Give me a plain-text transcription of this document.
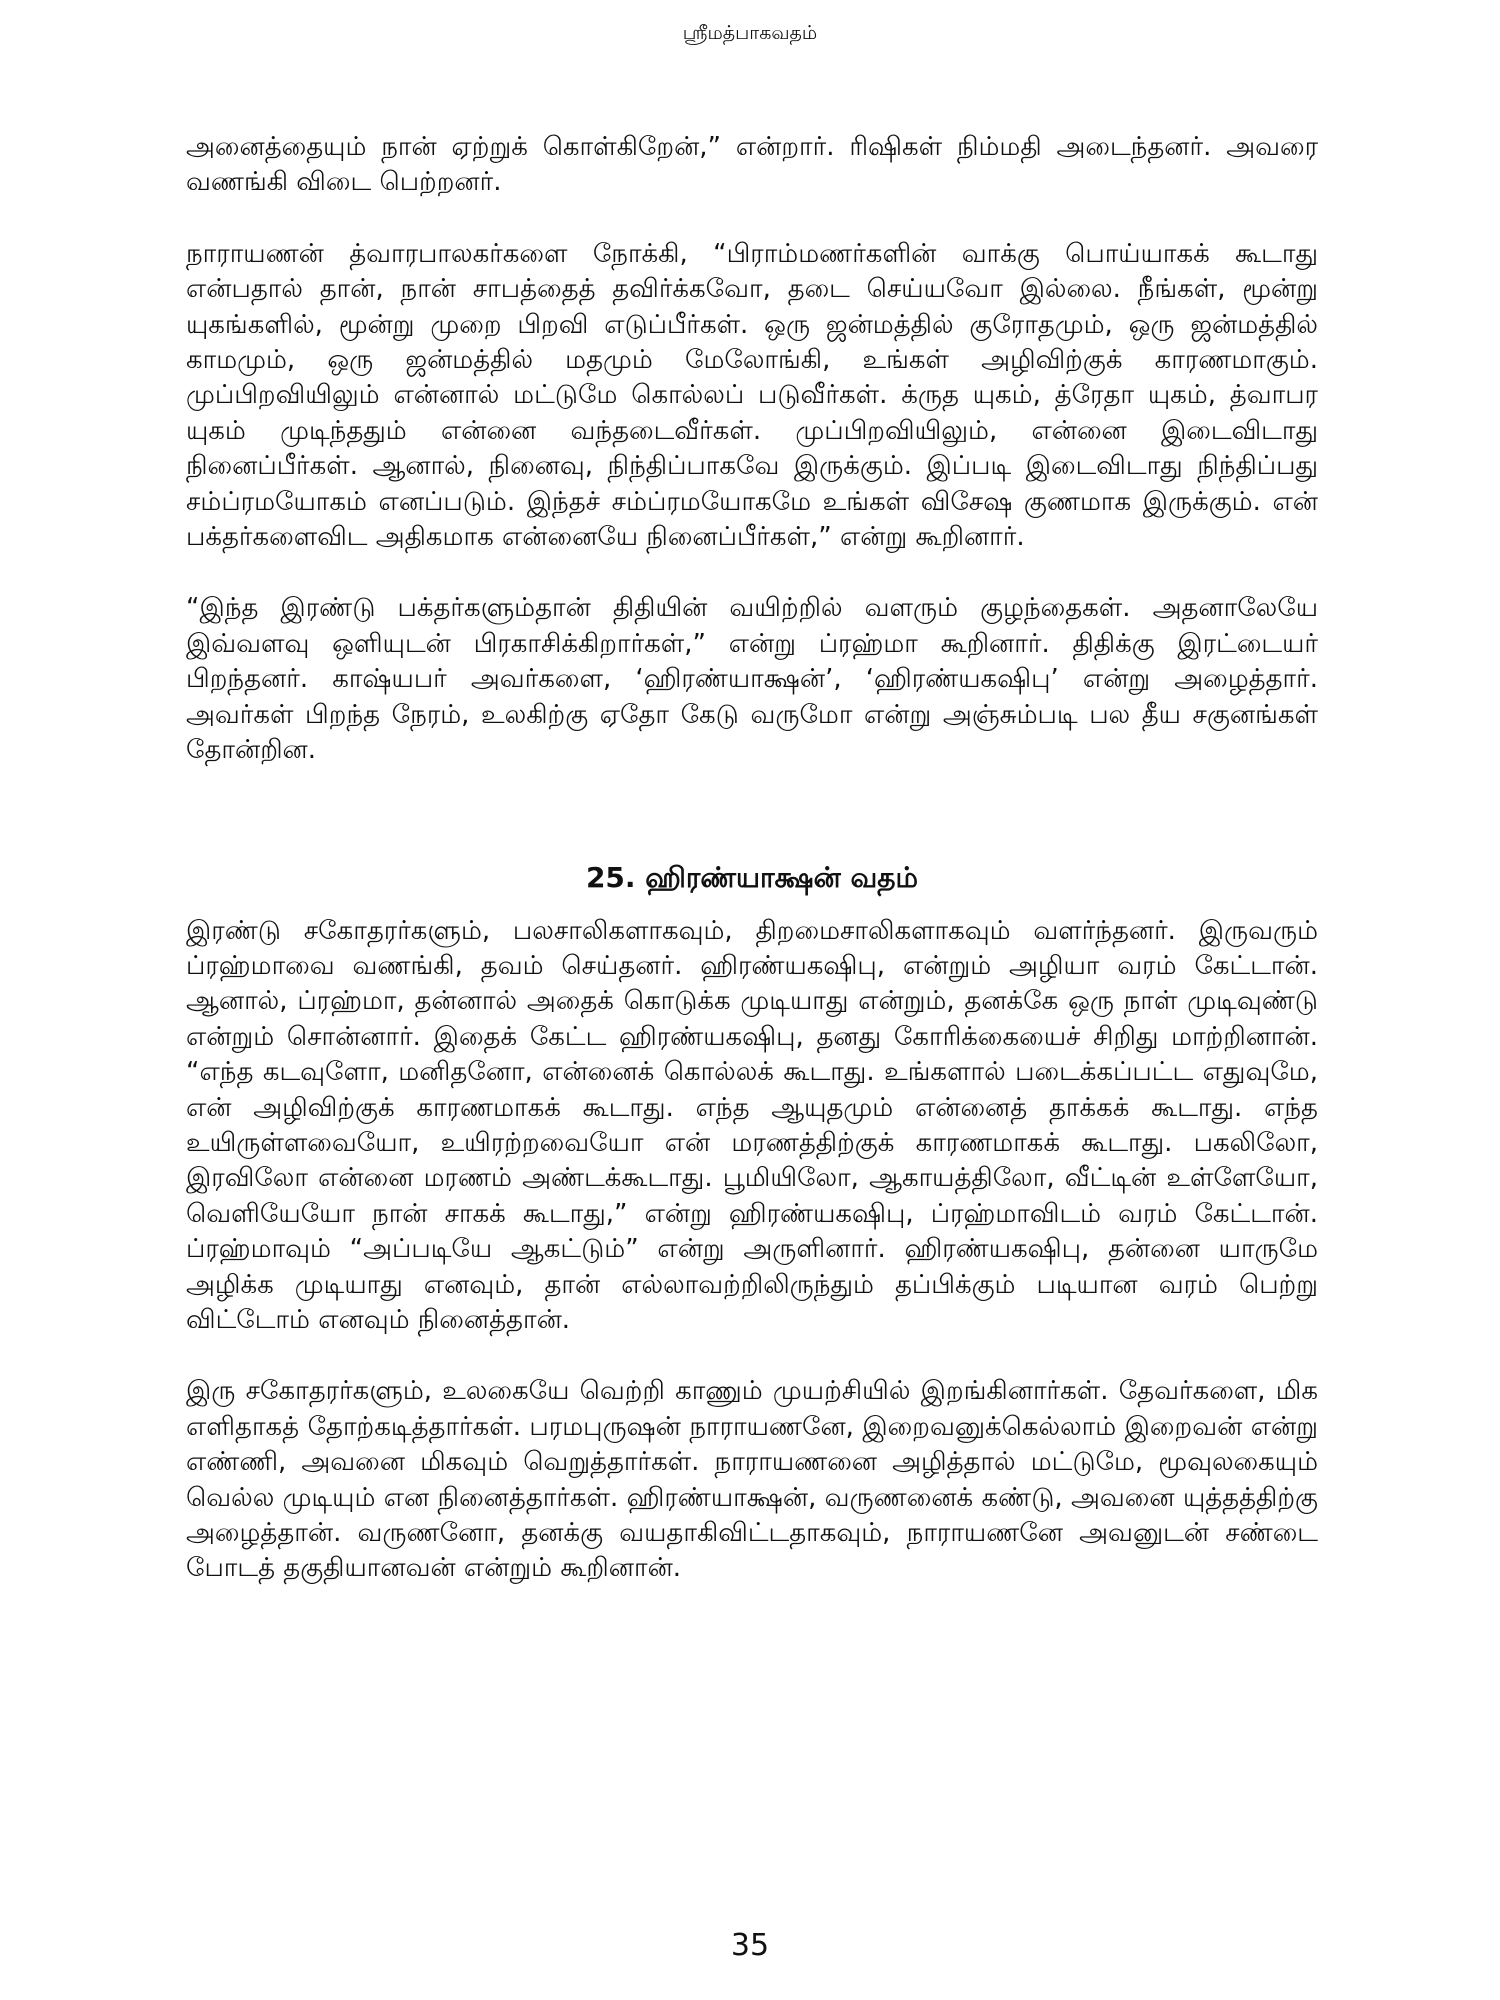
ஸ்ரீமத்பாகவதம்

அனைத்தையும் நான் ஏற்றுக் கொள்கிறேன்,” என்றார். ரிஷிகள் நிம்மதி அடைந்தனர். அவரை வணங்கி விடை பெற்றனர்.

நாராயணன் த்வாரபாலகர்களை நோக்கி, “பிராம்மணர்களின் வாக்கு பொய்யாகக் கூடாது என்பதால் தான், நான் சாபத்தைத் தவிர்க்கவோ, தடை செய்யவோ இல்லை. நீங்கள், மூன்று யுகங்களில், மூன்று முறை பிறவி எடுப்பீர்கள். ஒரு ஜன்மத்தில் குரோதமும், ஒரு ஜன்மத்தில் காமமும், ஒரு ஜன்மத்தில் மதமும் மேலோங்கி, உங்கள் அழிவிற்குக் காரணமாகும். முப்பிறவியிலும் என்னால் மட்டுமே கொல்லப் படுவீர்கள். க்ருத யுகம், த்ரேதா யுகம், த்வாபர யுகம் முடிந்ததும் என்னை வந்தடைவீர்கள். முப்பிறவியிலும், என்னை இடைவிடாது நினைப்பீர்கள். ஆனால், நினைவு, நிந்திப்பாகவே இருக்கும். இப்படி இடைவிடாது நிந்திப்பது சம்ப்ரமயோகம் எனப்படும். இந்தச் சம்ப்ரமயோகமே உங்கள் விசேஷ குணமாக இருக்கும். என் பக்தர்களைவிட அதிகமாக என்னையே நினைப்பீர்கள்,” என்று கூறினார்.

“இந்த இரண்டு பக்தர்களும்தான் திதியின் வயிற்றில் வளரும் குழந்தைகள். அதனாலேயே இவ்வளவு ஒளியுடன் பிரகாசிக்கிறார்கள்,” என்று ப்ரஹ்மா கூறினார். திதிக்கு இரட்டையர் பிறந்தனர். காஷ்யபர் அவர்களை, ‘ஹிரண்யாக்ஷன்’, ‘ஹிரண்யகஷிபு’ என்று அழைத்தார். அவர்கள் பிறந்த நேரம், உலகிற்கு ஏதோ கேடு வருமோ என்று அஞ்சும்படி பல தீய சகுனங்கள் தோன்றின.

25. ஹிரண்யாக்ஷன் வதம்

இரண்டு சகோதரர்களும், பலசாலிகளாகவும், திறமைசாலிகளாகவும் வளர்ந்தனர். இருவரும் ப்ரஹ்மாவை வணங்கி, தவம் செய்தனர். ஹிரண்யகஷிபு, என்றும் அழியா வரம் கேட்டான். ஆனால், ப்ரஹ்மா, தன்னால் அதைக் கொடுக்க முடியாது என்றும், தனக்கே ஒரு நாள் முடிவுண்டு என்றும் சொன்னார். இதைக் கேட்ட ஹிரண்யகஷிபு, தனது கோரிக்கையைச் சிறிது மாற்றினான். “எந்த கடவுளோ, மனிதனோ, என்னைக் கொல்லக் கூடாது. உங்களால் படைக்கப்பட்ட எதுவுமே, என் அழிவிற்குக் காரணமாகக் கூடாது. எந்த ஆயுதமும் என்னைத் தாக்கக் கூடாது. எந்த உயிருள்ளவையோ, உயிரற்றவையோ என் மரணத்திற்குக் காரணமாகக் கூடாது. பகலிலோ, இரவிலோ என்னை மரணம் அண்டக்கூடாது. பூமியிலோ, ஆகாயத்திலோ, வீட்டின் உள்ளேயோ, வெளியேயோ நான் சாகக் கூடாது,” என்று ஹிரண்யகஷிபு, ப்ரஹ்மாவிடம் வரம் கேட்டான். ப்ரஹ்மாவும் “அப்படியே ஆகட்டும்” என்று அருளினார். ஹிரண்யகஷிபு, தன்னை யாருமே அழிக்க முடியாது எனவும், தான் எல்லாவற்றிலிருந்தும் தப்பிக்கும் படியான வரம் பெற்று விட்டோம் எனவும் நினைத்தான்.

இரு சகோதரர்களும், உலகையே வெற்றி காணும் முயற்சியில் இறங்கினார்கள். தேவர்களை, மிக எளிதாகத் தோற்கடித்தார்கள். பரமபுருஷன் நாராயணனே, இறைவனுக்கெல்லாம் இறைவன் என்று எண்ணி, அவனை மிகவும் வெறுத்தார்கள். நாராயணனை அழித்தால் மட்டுமே, மூவுலகையும் வெல்ல முடியும் என நினைத்தார்கள். ஹிரண்யாக்ஷன், வருணனைக் கண்டு, அவனை யுத்தத்திற்கு அழைத்தான். வருணனோ, தனக்கு வயதாகிவிட்டதாகவும், நாராயணனே அவனுடன் சண்டை போடத் தகுதியானவன் என்றும் கூறினான்.

35
